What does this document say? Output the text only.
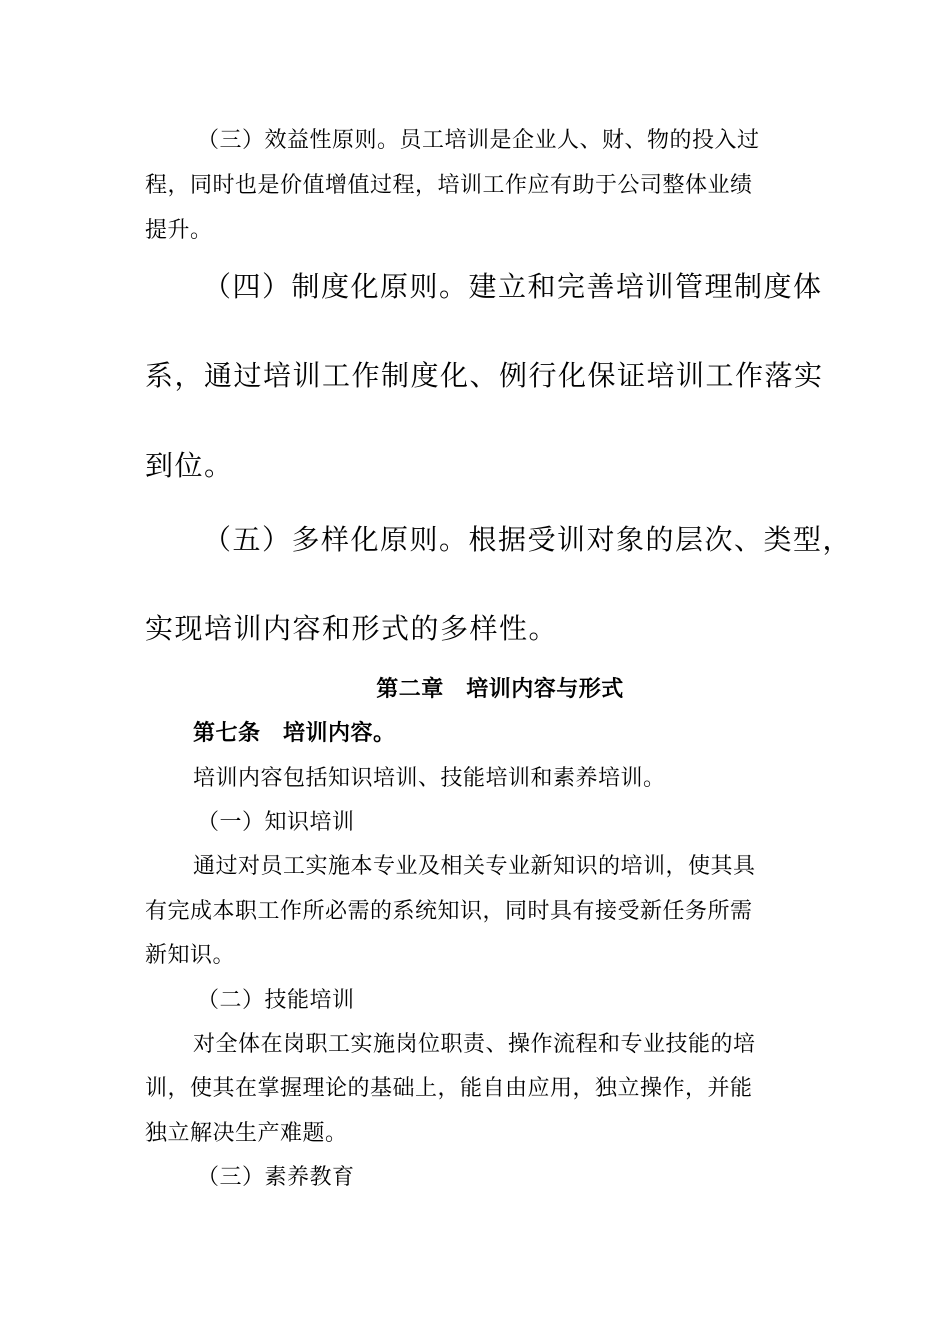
（三）效益性原则。员工培训是企业人、财、物的投入过

程，同时也是价值增值过程，培训工作应有助于公司整体业绩

提升。

（四）制度化原则。建立和完善培训管理制度体

系，通过培训工作制度化、例行化保证培训工作落实

到位。

（五）多样化原则。根据受训对象的层次、类型，

实现培训内容和形式的多样性。

第二章　培训内容与形式

第七条　培训内容。

培训内容包括知识培训、技能培训和素养培训。

（一）知识培训

通过对员工实施本专业及相关专业新知识的培训，使其具

有完成本职工作所必需的系统知识，同时具有接受新任务所需

新知识。

（二）技能培训

对全体在岗职工实施岗位职责、操作流程和专业技能的培

训，使其在掌握理论的基础上，能自由应用，独立操作，并能

独立解决生产难题。

（三）素养教育
